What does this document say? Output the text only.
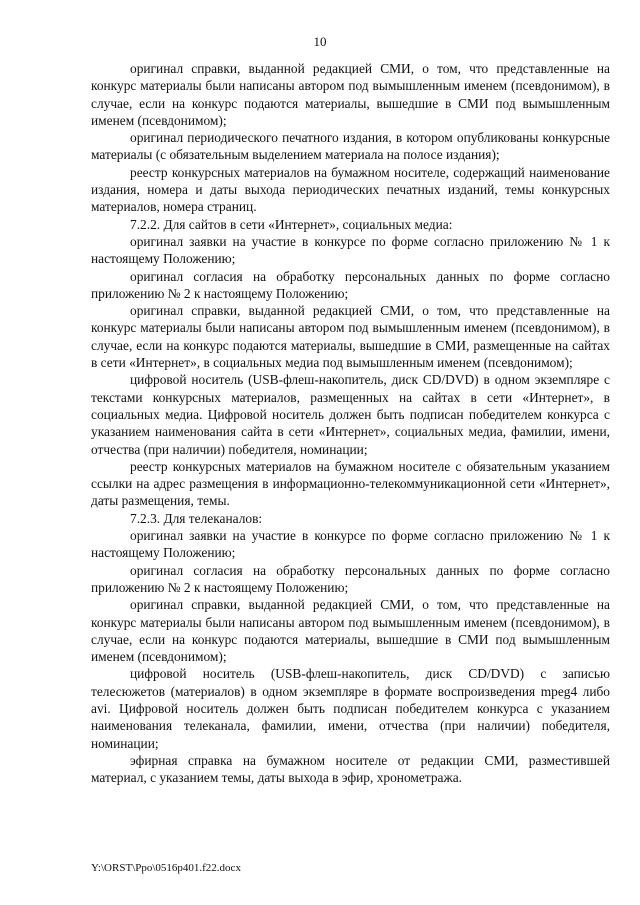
10

оригинал справки, выданной редакцией СМИ, о том, что представленные на конкурс материалы были написаны автором под вымышленным именем (псевдонимом), в случае, если на конкурс подаются материалы, вышедшие в СМИ под вымышленным именем (псевдонимом);

оригинал периодического печатного издания, в котором опубликованы конкурсные материалы (с обязательным выделением материала на полосе издания);

реестр конкурсных материалов на бумажном носителе, содержащий наименование издания, номера и даты выхода периодических печатных изданий, темы конкурсных материалов, номера страниц.

7.2.2. Для сайтов в сети «Интернет», социальных медиа:

оригинал заявки на участие в конкурсе по форме согласно приложению № 1 к настоящему Положению;

оригинал согласия на обработку персональных данных по форме согласно приложению № 2 к настоящему Положению;

оригинал справки, выданной редакцией СМИ, о том, что представленные на конкурс материалы были написаны автором под вымышленным именем (псевдонимом), в случае, если на конкурс подаются материалы, вышедшие в СМИ, размещенные на сайтах в сети «Интернет», в социальных медиа под вымышленным именем (псевдонимом);

цифровой носитель (USB-флеш-накопитель, диск CD/DVD) в одном экземпляре с текстами конкурсных материалов, размещенных на сайтах в сети «Интернет», в социальных медиа. Цифровой носитель должен быть подписан победителем конкурса с указанием наименования сайта в сети «Интернет», социальных медиа, фамилии, имени, отчества (при наличии) победителя, номинации;

реестр конкурсных материалов на бумажном носителе с обязательным указанием ссылки на адрес размещения в информационно-телекоммуникационной сети «Интернет», даты размещения, темы.

7.2.3. Для телеканалов:

оригинал заявки на участие в конкурсе по форме согласно приложению № 1 к настоящему Положению;

оригинал согласия на обработку персональных данных по форме согласно приложению № 2 к настоящему Положению;

оригинал справки, выданной редакцией СМИ, о том, что представленные на конкурс материалы были написаны автором под вымышленным именем (псевдонимом), в случае, если на конкурс подаются материалы, вышедшие в СМИ под вымышленным именем (псевдонимом);

цифровой носитель (USB-флеш-накопитель, диск CD/DVD) с записью телесюжетов (материалов) в одном экземпляре в формате воспроизведения mpeg4 либо avi. Цифровой носитель должен быть подписан победителем конкурса с указанием наименования телеканала, фамилии, имени, отчества (при наличии) победителя, номинации;

эфирная справка на бумажном носителе от редакции СМИ, разместившей материал, с указанием темы, даты выхода в эфир, хронометража.

Y:\ORST\Ppo\0516p401.f22.docx
